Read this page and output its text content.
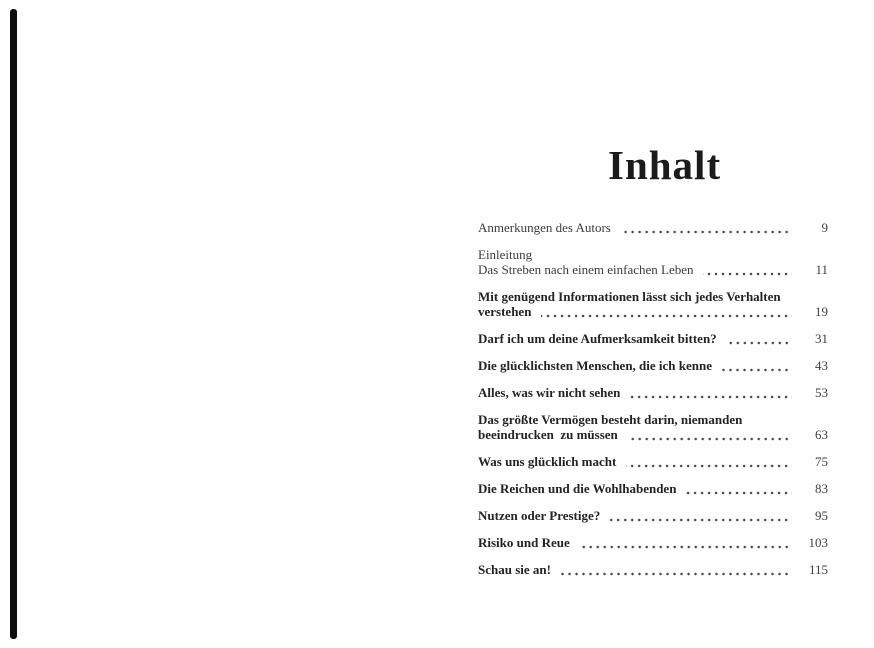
Inhalt
Anmerkungen des Autors	9
Einleitung
Das Streben nach einem einfachen Leben	11
Mit genügend Informationen lässt sich jedes Verhalten
verstehen	19
Darf ich um deine Aufmerksamkeit bitten?	31
Die glücklichsten Menschen, die ich kenne	43
Alles, was wir nicht sehen	53
Das größte Vermögen besteht darin, niemanden
beeindrucken  zu müssen	63
Was uns glücklich macht	75
Die Reichen und die Wohlhabenden	83
Nutzen oder Prestige?	95
Risiko und Reue	103
Schau sie an!	115
